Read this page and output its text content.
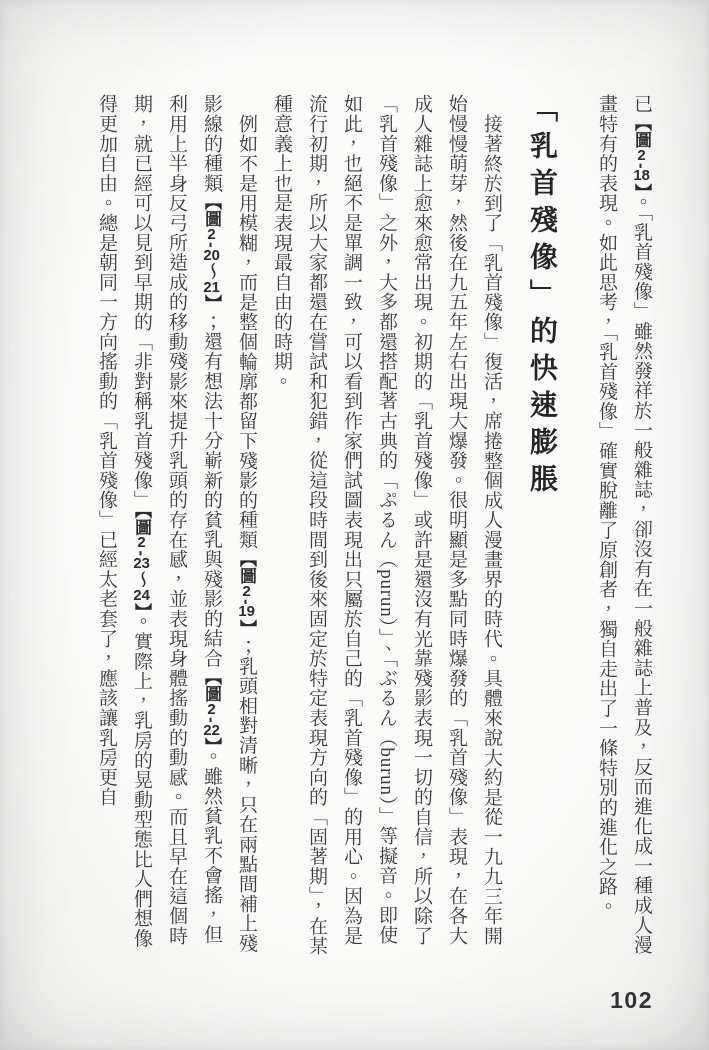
已【圖2-18】。「乳首殘像」雖然發祥於一般雜誌，卻沒有在一般雜誌上普及，反而進化成一種成人漫畫特有的表現。如此思考，「乳首殘像」確實脫離了原創者，獨自走出了一條特別的進化之路。

「乳首殘像」的快速膨脹

接著終於到了「乳首殘像」復活，席捲整個成人漫畫界的時代。具體來說大約是從一九九三年開始慢慢萌芽，然後在九五年左右出現大爆發。很明顯是多點同時爆發的「乳首殘像」表現，在各大成人雜誌上愈來愈常出現。初期的「乳首殘像」或許是還沒有光靠殘影表現一切的自信，所以除了「乳首殘像」之外，大多都還搭配著古典的「ぷるん（purun）」、「ぶるん（burun）」等擬音。即使如此，也絕不是單調一致，可以看到作家們試圖表現出只屬於自己的「乳首殘像」的用心。因為是流行初期，所以大家都還在嘗試和犯錯，從這段時間到後來固定於特定表現方向的「固著期」，在某種意義上也是表現最自由的時期。

例如不是用模糊，而是整個輪廓都留下殘影的種類【圖2-19】；乳頭相對清晰，只在兩點間補上殘影線的種類【圖2-20～21】；還有想法十分嶄新的貧乳與殘影的結合【圖2-22】。雖然貧乳不會搖，但利用上半身反弓所造成的移動殘影來提升乳頭的存在感，並表現身體搖動的動感。而且早在這個時期，就已經可以見到早期的「非對稱乳首殘像」【圖2-23～24】。實際上，乳房的晃動型態比人們想像得更加自由。總是朝同一方向搖動的「乳首殘像」已經太老套了，應該讓乳房更自

102
